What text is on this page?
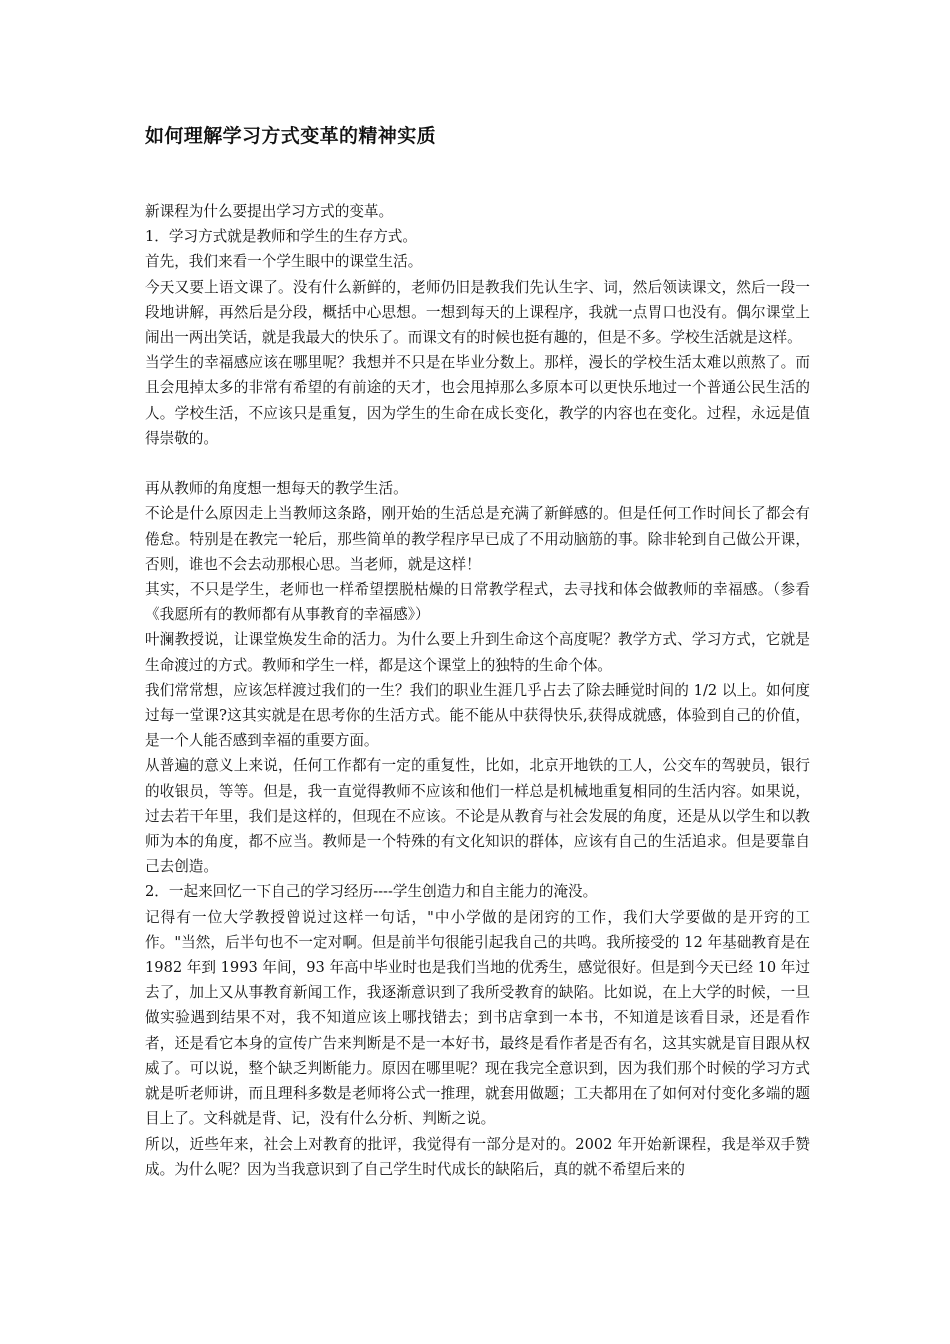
如何理解学习方式变革的精神实质

新课程为什么要提出学习方式的变革。

1．学习方式就是教师和学生的生存方式。

首先，我们来看一个学生眼中的课堂生活。

今天又要上语文课了。没有什么新鲜的，老师仍旧是教我们先认生字、词，然后领读课文，然后一段一段地讲解，再然后是分段，概括中心思想。一想到每天的上课程序，我就一点胃口也没有。偶尔课堂上闹出一两出笑话，就是我最大的快乐了。而课文有的时候也挺有趣的，但是不多。学校生活就是这样。

当学生的幸福感应该在哪里呢？我想并不只是在毕业分数上。那样，漫长的学校生活太难以煎熬了。而且会甩掉太多的非常有希望的有前途的天才，也会甩掉那么多原本可以更快乐地过一个普通公民生活的人。学校生活，不应该只是重复，因为学生的生命在成长变化，教学的内容也在变化。过程，永远是值得崇敬的。

再从教师的角度想一想每天的教学生活。

不论是什么原因走上当教师这条路，刚开始的生活总是充满了新鲜感的。但是任何工作时间长了都会有倦怠。特别是在教完一轮后，那些简单的教学程序早已成了不用动脑筋的事。除非轮到自己做公开课，否则，谁也不会去动那根心思。当老师，就是这样！

其实，不只是学生，老师也一样希望摆脱枯燥的日常教学程式，去寻找和体会做教师的幸福感。（参看《我愿所有的教师都有从事教育的幸福感》）

叶澜教授说，让课堂焕发生命的活力。为什么要上升到生命这个高度呢？教学方式、学习方式，它就是生命渡过的方式。教师和学生一样，都是这个课堂上的独特的生命个体。

我们常常想，应该怎样渡过我们的一生？我们的职业生涯几乎占去了除去睡觉时间的 1/2 以上。如何度过每一堂课?这其实就是在思考你的生活方式。能不能从中获得快乐,获得成就感，体验到自己的价值，是一个人能否感到幸福的重要方面。

从普遍的意义上来说，任何工作都有一定的重复性，比如，北京开地铁的工人，公交车的驾驶员，银行的收银员，等等。但是，我一直觉得教师不应该和他们一样总是机械地重复相同的生活内容。如果说，过去若干年里，我们是这样的，但现在不应该。不论是从教育与社会发展的角度，还是从以学生和以教师为本的角度，都不应当。教师是一个特殊的有文化知识的群体，应该有自己的生活追求。但是要靠自己去创造。

2．一起来回忆一下自己的学习经历----学生创造力和自主能力的淹没。

记得有一位大学教授曾说过这样一句话，"中小学做的是闭窍的工作，我们大学要做的是开窍的工作。"当然，后半句也不一定对啊。但是前半句很能引起我自己的共鸣。我所接受的 12 年基础教育是在 1982 年到 1993 年间，93 年高中毕业时也是我们当地的优秀生，感觉很好。但是到今天已经 10 年过去了，加上又从事教育新闻工作，我逐渐意识到了我所受教育的缺陷。比如说，在上大学的时候，一旦做实验遇到结果不对，我不知道应该上哪找错去；到书店拿到一本书，不知道是该看目录，还是看作者，还是看它本身的宣传广告来判断是不是一本好书，最终是看作者是否有名，这其实就是盲目跟从权威了。可以说，整个缺乏判断能力。原因在哪里呢？现在我完全意识到，因为我们那个时候的学习方式就是听老师讲，而且理科多数是老师将公式一推理，就套用做题；工夫都用在了如何对付变化多端的题目上了。文科就是背、记，没有什么分析、判断之说。

所以，近些年来，社会上对教育的批评，我觉得有一部分是对的。2002 年开始新课程，我是举双手赞成。为什么呢？因为当我意识到了自己学生时代成长的缺陷后，真的就不希望后来的
